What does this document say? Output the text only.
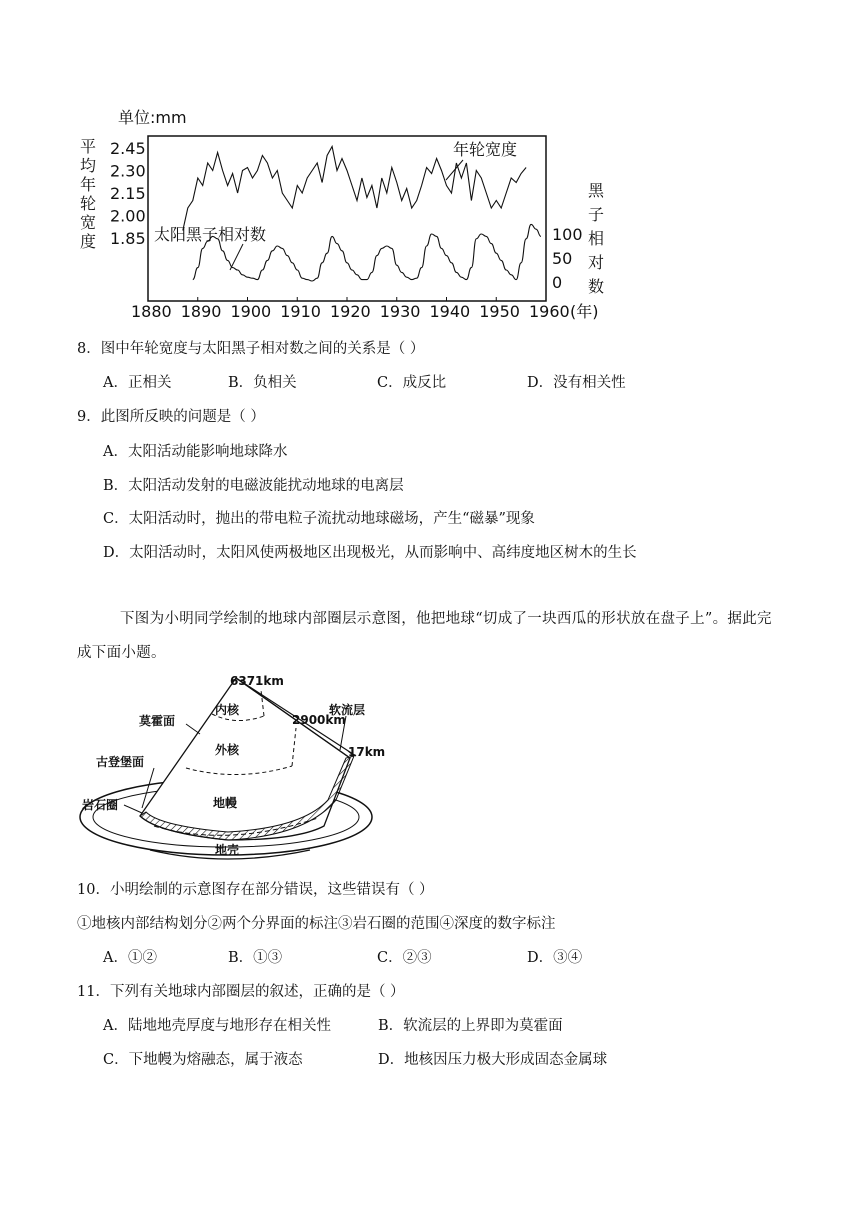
单位:mm
平
均
年
轮
宽
度
黑
子
相
对
数
2.45
2.30
2.15
2.00
1.85	100
50
0
1880 1890 1900 1910 1920 1930 1940 1950 1960
年轮宽度
太阳黑子相对数
(年)
8．图中年轮宽度与太阳黑子相对数之间的关系是（ ）
A．正相关	B．负相关	C．成反比	D．没有相关性
9．此图所反映的问题是（ ）
A．太阳活动能影响地球降水
B．太阳活动发射的电磁波能扰动地球的电离层
C．太阳活动时，抛出的带电粒子流扰动地球磁场，产生“磁暴”现象
D．太阳活动时，太阳风使两极地区出现极光，从而影响中、高纬度地区树木的生长
下图为小明同学绘制的地球内部圈层示意图，他把地球“切成了一块西瓜的形状放在盘子上”。据此完
成下面小题。
6371km
内核
莫霍面	2900km
软流层
外核	17km
古登堡面
地幔
岩石圈
地壳
10．小明绘制的示意图存在部分错误，这些错误有（ ）
①地核内部结构划分②两个分界面的标注③岩石圈的范围④深度的数字标注
A．①②	B．①③	C．②③	D．③④
11．下列有关地球内部圈层的叙述，正确的是（ ）
A．陆地地壳厚度与地形存在相关性	B．软流层的上界即为莫霍面
C．下地幔为熔融态，属于液态	D．地核因压力极大形成固态金属球
